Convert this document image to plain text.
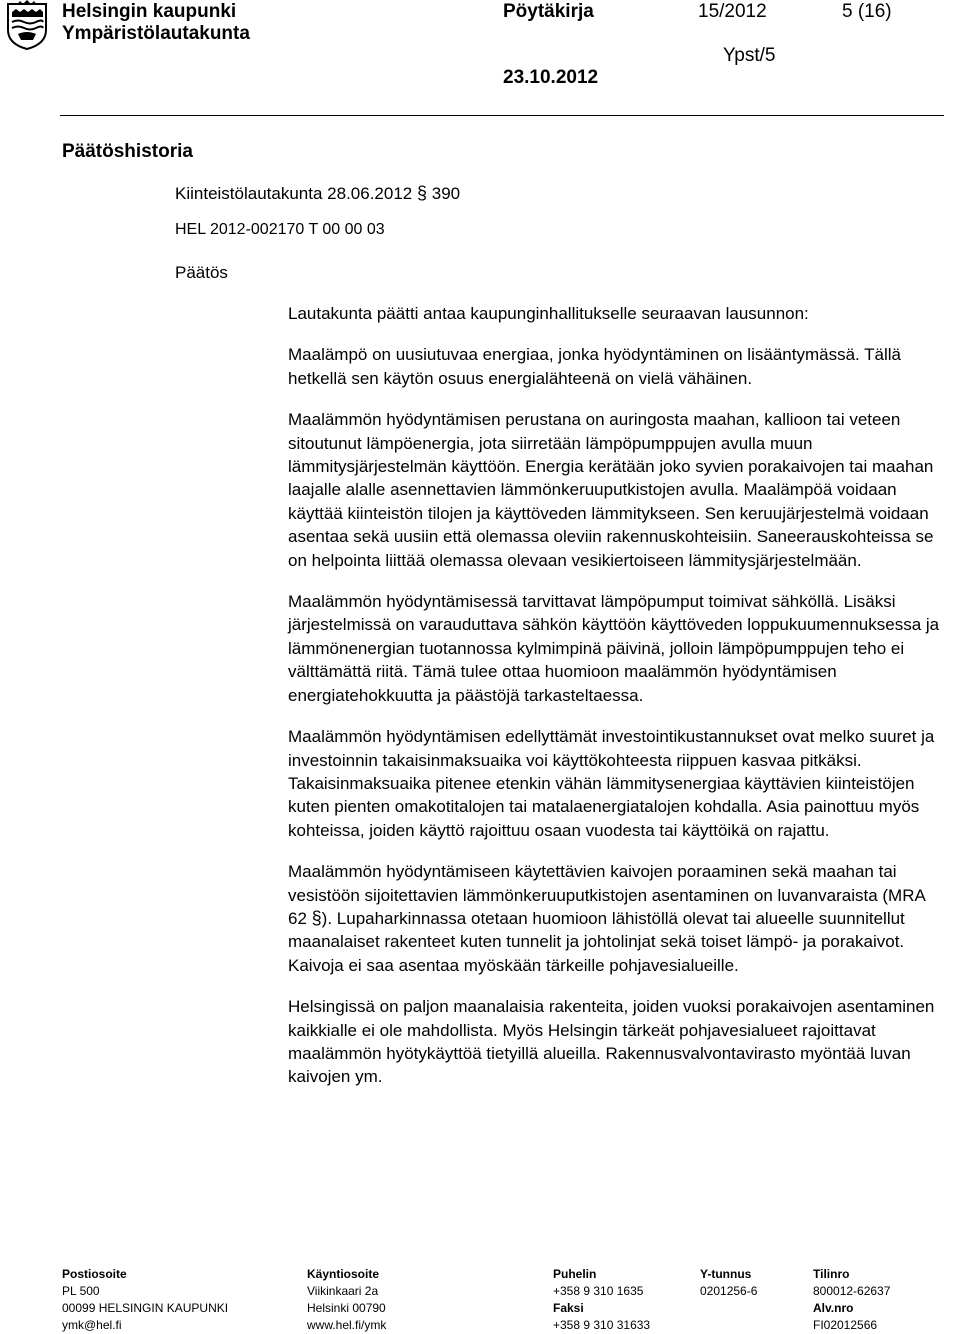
Helsingin kaupunki
Ympäristölautakunta
Pöytäkirja	15/2012	5 (16)
Ypst/5
23.10.2012
Päätöshistoria
Kiinteistölautakunta 28.06.2012 § 390
HEL 2012-002170 T 00 00 03
Päätös

Lautakunta päätti antaa kaupunginhallitukselle seuraavan lausunnon:

Maalämpö on uusiutuvaa energiaa, jonka hyödyntäminen on lisääntymässä. Tällä hetkellä sen käytön osuus energialähteenä on vielä vähäinen.

Maalämmön hyödyntämisen perustana on auringosta maahan, kallioon tai veteen sitoutunut lämpöenergia, jota siirretään lämpöpumppujen avulla muun lämmitysjärjestelmän käyttöön. Energia kerätään joko syvien porakaivojen tai maahan laajalle alalle asennettavien lämmönkeruuputkistojen avulla. Maalämpöä voidaan käyttää kiinteistön tilojen ja käyttöveden lämmitykseen. Sen keruujärjestelmä voidaan asentaa sekä uusiin että olemassa oleviin rakennuskohteisiin. Saneerauskohteissa se on helpointa liittää olemassa olevaan vesikiertoiseen lämmitysjärjestelmään.

Maalämmön hyödyntämisessä tarvittavat lämpöpumput toimivat sähköllä. Lisäksi järjestelmissä on varauduttava sähkön käyttöön käyttöveden loppukuumennuksessa ja lämmönenergian tuotannossa kylmimpinä päivinä, jolloin lämpöpumppujen teho ei välttämättä riitä. Tämä tulee ottaa huomioon maalämmön hyödyntämisen energiatehokkuutta ja päästöjä tarkasteltaessa.

Maalämmön hyödyntämisen edellyttämät investointikustannukset ovat melko suuret ja investoinnin takaisinmaksuaika voi käyttökohteesta riippuen kasvaa pitkäksi. Takaisinmaksuaika pitenee etenkin vähän lämmitysenergiaa käyttävien kiinteistöjen kuten pienten omakotitalojen tai matalaenergiatalojen kohdalla. Asia painottuu myös kohteissa, joiden käyttö rajoittuu osaan vuodesta tai käyttöikä on rajattu.

Maalämmön hyödyntämiseen käytettävien kaivojen poraaminen sekä maahan tai vesistöön sijoitettavien lämmönkeruuputkistojen asentaminen on luvanvaraista (MRA 62 §). Lupaharkinnassa otetaan huomioon lähistöllä olevat tai alueelle suunnitellut maanalaiset rakenteet kuten tunnelit ja johtolinjat sekä toiset lämpö- ja porakaivot. Kaivoja ei saa asentaa myöskään tärkeille pohjavesialueille.

Helsingissä on paljon maanalaisia rakenteita, joiden vuoksi porakaivojen asentaminen kaikkialle ei ole mahdollista. Myös Helsingin tärkeät pohjavesialueet rajoittavat maalämmön hyötykäyttöä tietyillä alueilla. Rakennusvalvontavirasto myöntää luvan kaivojen ym.

Postiosoite
PL 500
00099 HELSINGIN KAUPUNKI
ymk@hel.fi
Käyntiosoite
Viikinkaari 2a
Helsinki 00790
www.hel.fi/ymk
Puhelin
+358 9 310 1635
Faksi
+358 9 310 31633
Y-tunnus
0201256-6
Tilinro
800012-62637
Alv.nro
FI02012566
